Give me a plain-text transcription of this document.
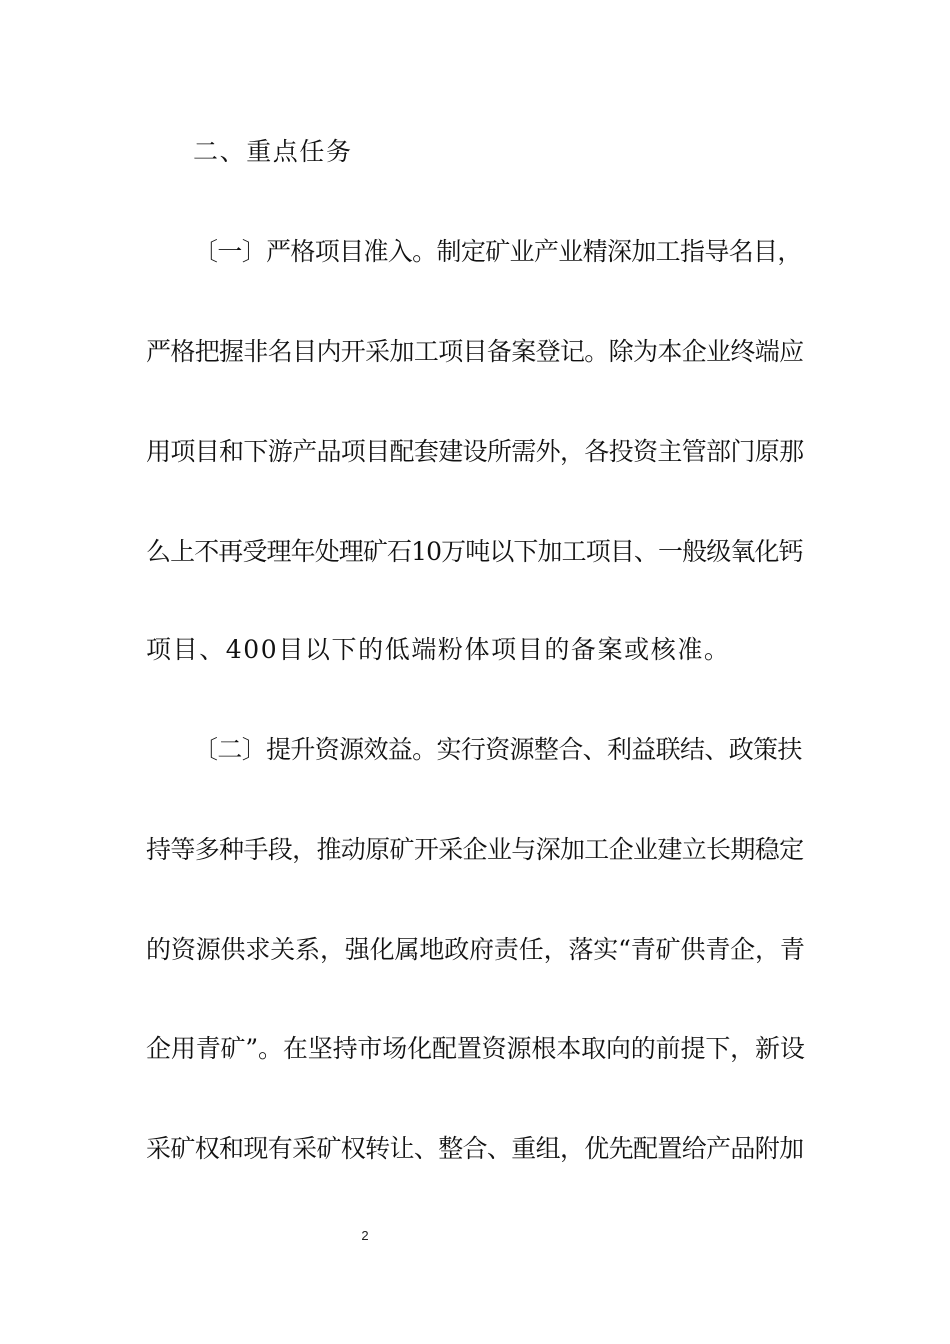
二、重点任务
〔一〕严格项目准入。制定矿业产业精深加工指导名目，
严格把握非名目内开采加工项目备案登记。除为本企业终端应
用项目和下游产品项目配套建设所需外，各投资主管部门原那
么上不再受理年处理矿石10万吨以下加工项目、一般级氧化钙
项目、400目以下的低端粉体项目的备案或核准。
〔二〕提升资源效益。实行资源整合、利益联结、政策扶
持等多种手段，推动原矿开采企业与深加工企业建立长期稳定
的资源供求关系，强化属地政府责任，落实“青矿供青企，青
企用青矿”。在坚持市场化配置资源根本取向的前提下，新设
采矿权和现有采矿权转让、整合、重组，优先配置给产品附加
2
